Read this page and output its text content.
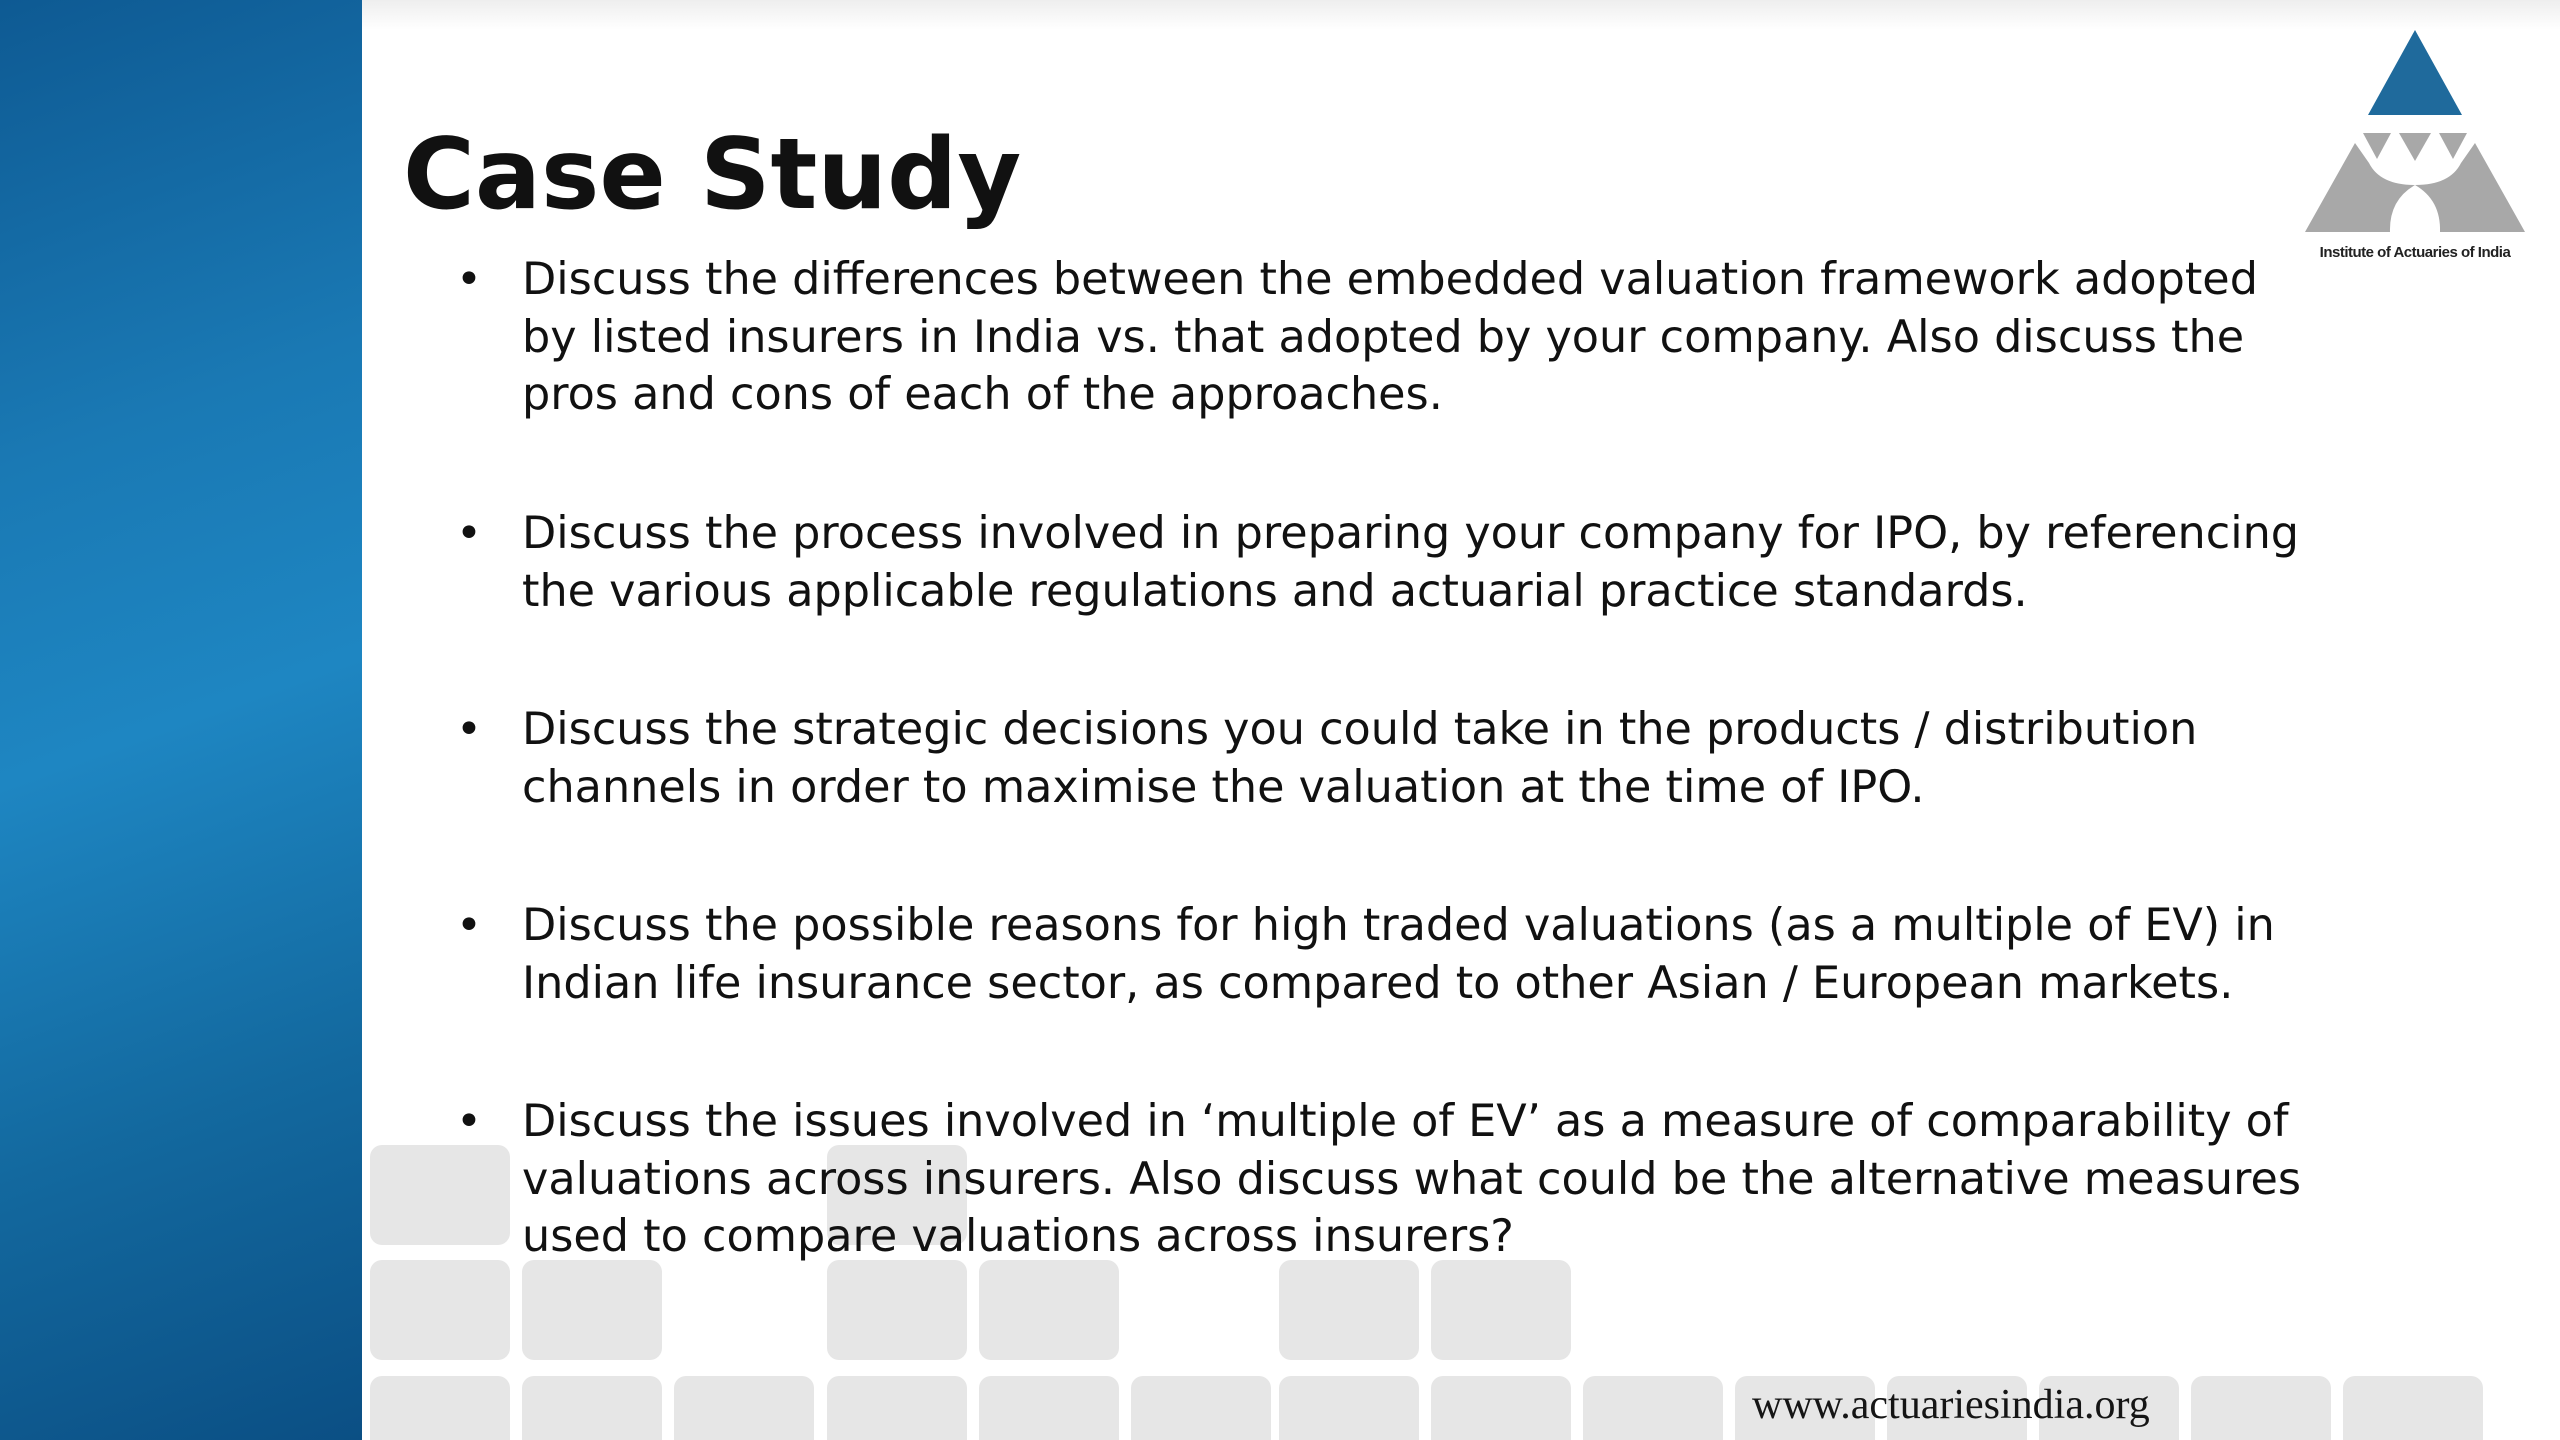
Case Study
• Discuss the differences between the embedded valuation framework adopted
by listed insurers in India vs. that adopted by your company. Also discuss the
pros and cons of each of the approaches.
• Discuss the process involved in preparing your company for IPO, by referencing
the various applicable regulations and actuarial practice standards.
• Discuss the strategic decisions you could take in the products / distribution
channels in order to maximise the valuation at the time of IPO.
• Discuss the possible reasons for high traded valuations (as a multiple of EV) in
Indian life insurance sector, as compared to other Asian / European markets.
• Discuss the issues involved in ‘multiple of EV’ as a measure of comparability of
valuations across insurers. Also discuss what could be the alternative measures
used to compare valuations across insurers?
Institute of Actuaries of India
www.actuariesindia.org
